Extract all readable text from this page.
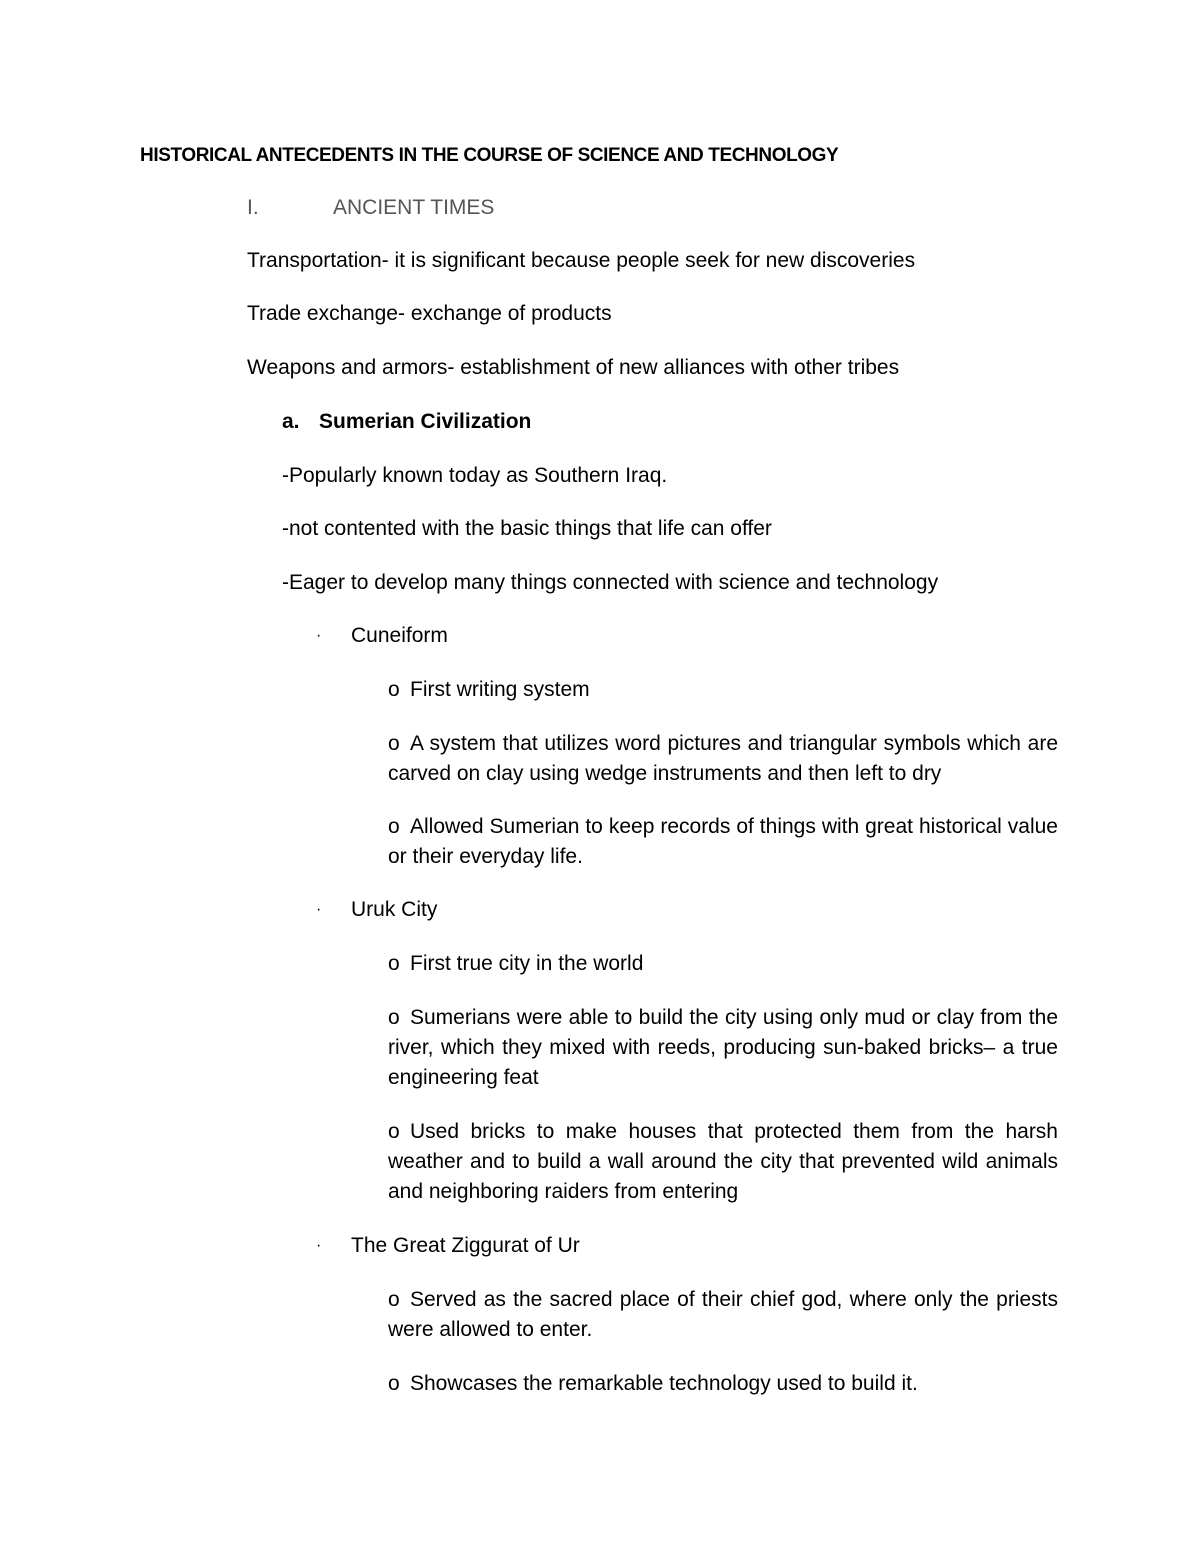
HISTORICAL ANTECEDENTS IN THE COURSE OF SCIENCE AND TECHNOLOGY
I.	ANCIENT TIMES
Transportation- it is significant because people seek for new discoveries
Trade exchange- exchange of products
Weapons and armors- establishment of new alliances with other tribes
a. Sumerian Civilization
-Popularly known today as Southern Iraq.
-not contented with the basic things that life can offer
-Eager to develop many things connected with science and technology
· Cuneiform
o First writing system
o A system that utilizes word pictures and triangular symbols which are carved on clay using wedge instruments and then left to dry
o Allowed Sumerian to keep records of things with great historical value or their everyday life.
· Uruk City
o First true city in the world
o Sumerians were able to build the city using only mud or clay from the river, which they mixed with reeds, producing sun-baked bricks– a true engineering feat
o Used bricks to make houses that protected them from the harsh weather and to build a wall around the city that prevented wild animals and neighboring raiders from entering
· The Great Ziggurat of Ur
o Served as the sacred place of their chief god, where only the priests were allowed to enter.
o Showcases the remarkable technology used to build it.
